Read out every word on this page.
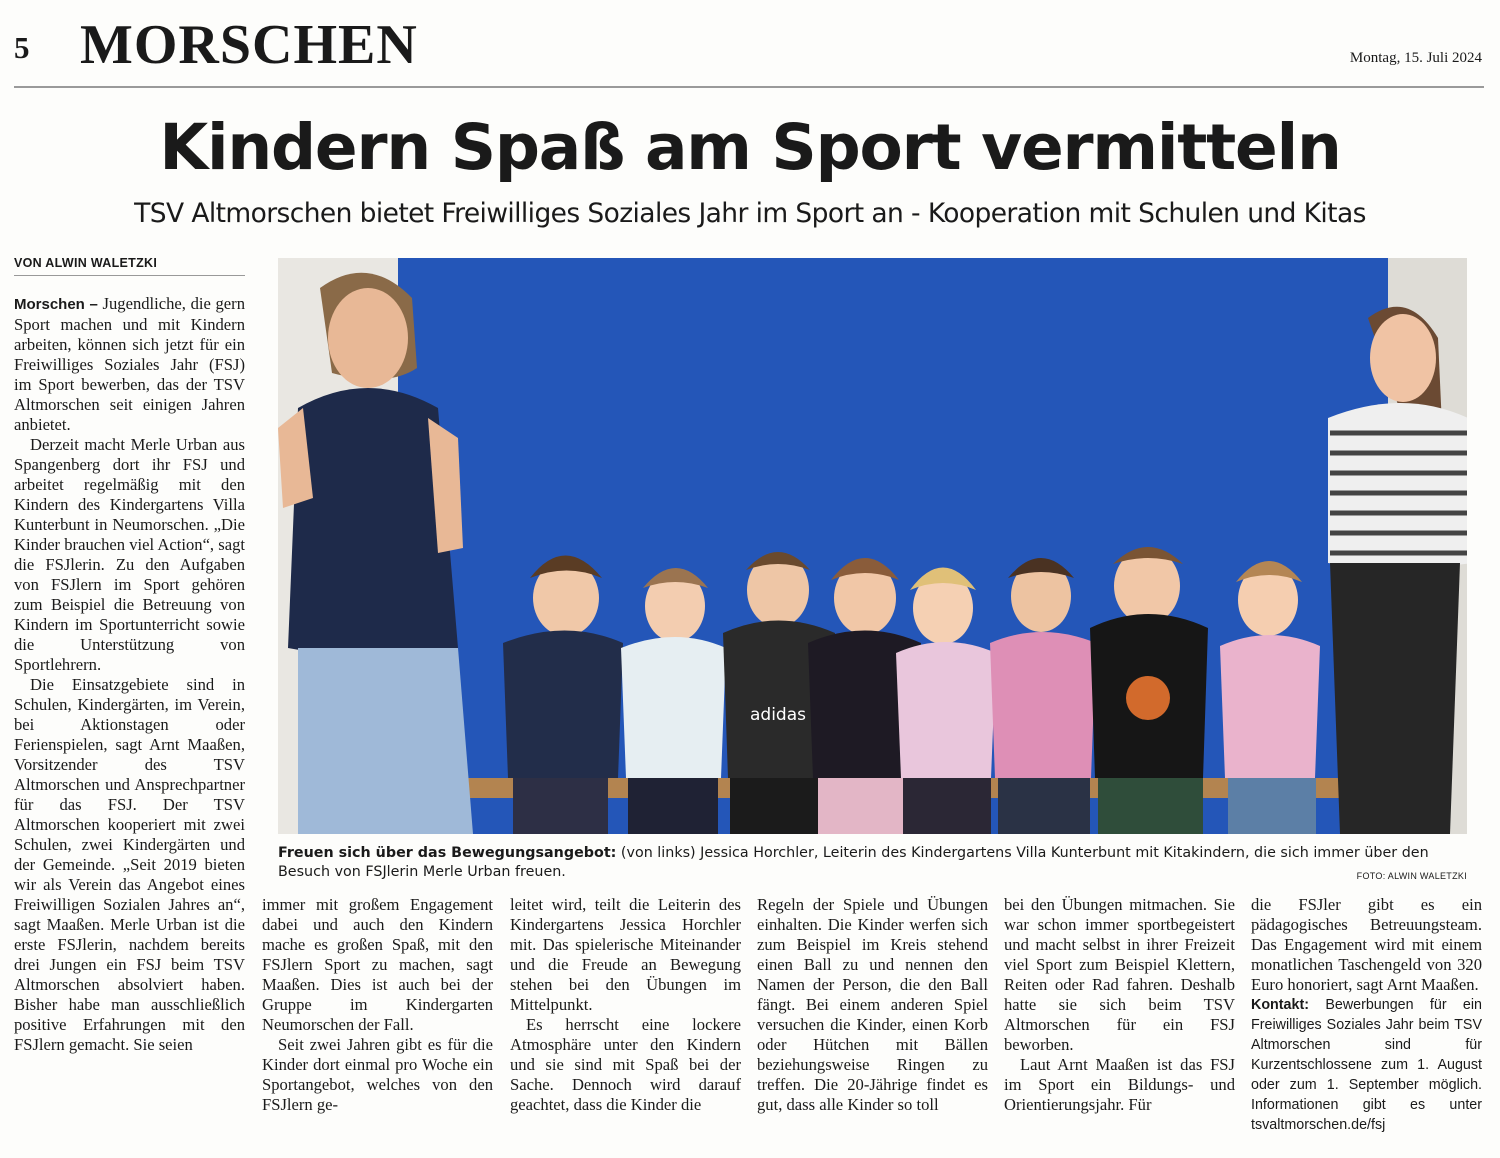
5 MORSCHEN	Montag, 15. Juli 2024
Kindern Spaß am Sport vermitteln
TSV Altmorschen bietet Freiwilliges Soziales Jahr im Sport an - Kooperation mit Schulen und Kitas
VON ALWIN WALETZKI

Morschen – Jugendliche, die gern Sport machen und mit Kindern arbeiten, können sich jetzt für ein Freiwilliges Soziales Jahr (FSJ) im Sport bewerben, das der TSV Altmorschen seit einigen Jahren anbietet.

Derzeit macht Merle Urban aus Spangenberg dort ihr FSJ und arbeitet regelmäßig mit den Kindern des Kindergartens Villa Kunterbunt in Neumorschen. „Die Kinder brauchen viel Action“, sagt die FSJlerin. Zu den Aufgaben von FSJlern im Sport gehören zum Beispiel die Betreuung von Kindern im Sportunterricht sowie die Unterstützung von Sportlehrern.

Die Einsatzgebiete sind in Schulen, Kindergärten, im Verein, bei Aktionstagen oder Ferienspielen, sagt Arnt Maaßen, Vorsitzender des TSV Altmorschen und Ansprechpartner für das FSJ. Der TSV Altmorschen kooperiert mit zwei Schulen, zwei Kindergärten und der Gemeinde. „Seit 2019 bieten wir als Verein das Angebot eines Freiwilligen Sozialen Jahres an“, sagt Maaßen. Merle Urban ist die erste FSJlerin, nachdem bereits drei Jungen ein FSJ beim TSV Altmorschen absolviert haben. Bisher habe man ausschließlich positive Erfahrungen mit den FSJlern gemacht. Sie seien

immer mit großem Engagement dabei und auch den Kindern mache es großen Spaß, mit den FSJlern Sport zu machen, sagt Maaßen. Dies ist auch bei der Gruppe im Kindergarten Neumorschen der Fall.

Seit zwei Jahren gibt es für die Kinder dort einmal pro Woche ein Sportangebot, welches von den FSJlern ge-

leitet wird, teilt die Leiterin des Kindergartens Jessica Horchler mit. Das spielerische Miteinander und die Freude an Bewegung stehen bei den Übungen im Mittelpunkt.

Es herrscht eine lockere Atmosphäre unter den Kindern und sie sind mit Spaß bei der Sache. Dennoch wird darauf geachtet, dass die Kinder die

Regeln der Spiele und Übungen einhalten. Die Kinder werfen sich zum Beispiel im Kreis stehend einen Ball zu und nennen den Namen der Person, die den Ball fängt. Bei einem anderen Spiel versuchen die Kinder, einen Korb oder Hütchen mit Bällen beziehungsweise Ringen zu treffen. Die 20-Jährige findet es gut, dass alle Kinder so toll

bei den Übungen mitmachen. Sie war schon immer sportbegeistert und macht selbst in ihrer Freizeit viel Sport zum Beispiel Klettern, Reiten oder Rad fahren. Deshalb hatte sie sich beim TSV Altmorschen für ein FSJ beworben.

Laut Arnt Maaßen ist das FSJ im Sport ein Bildungs- und Orientierungsjahr. Für

die FSJler gibt es ein pädagogisches Betreuungsteam. Das Engagement wird mit einem monatlichen Taschengeld von 320 Euro honoriert, sagt Arnt Maaßen.

Kontakt: Bewerbungen für ein Freiwilliges Soziales Jahr beim TSV Altmorschen sind für Kurzentschlossene zum 1. August oder zum 1. September möglich. Informationen gibt es unter tsvaltmorschen.de/fsj

adidas
Freuen sich über das Bewegungsangebot: (von links) Jessica Horchler, Leiterin des Kindergartens Villa Kunterbunt mit Kitakindern, die sich immer über den Besuch von FSJlerin Merle Urban freuen.	FOTO: ALWIN WALETZKI
